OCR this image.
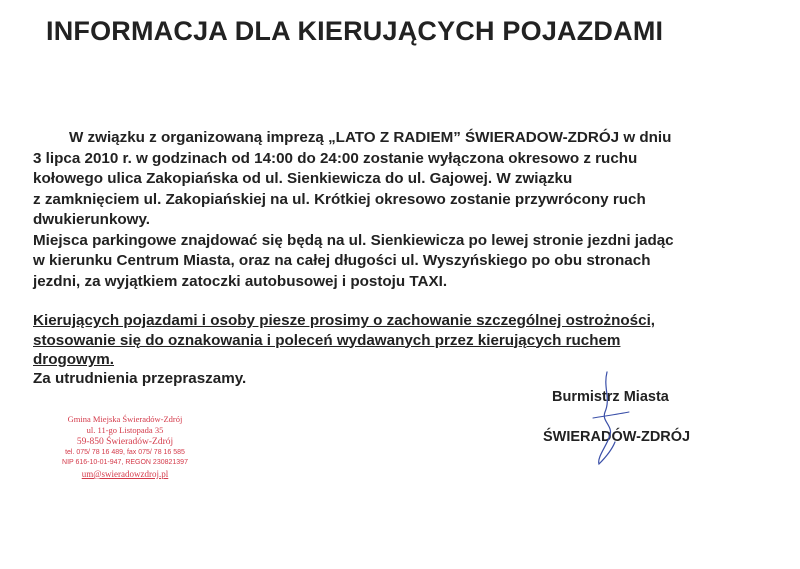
INFORMACJA DLA KIERUJĄCYCH POJAZDAMI
W związku z organizowaną imprezą „LATO Z RADIEM” ŚWIERADOW-ZDRÓJ w dniu
3 lipca 2010 r. w godzinach od 14:00 do 24:00 zostanie wyłączona okresowo z ruchu
kołowego ulica Zakopiańska od ul. Sienkiewicza do ul. Gajowej. W związku
z zamknięciem ul. Zakopiańskiej na ul. Krótkiej okresowo zostanie przywrócony ruch
dwukierunkowy.
Miejsca parkingowe znajdować się będą na ul. Sienkiewicza po lewej stronie jezdni jadąc
w kierunku Centrum Miasta, oraz na całej długości ul. Wyszyńskiego po obu stronach
jezdni, za wyjątkiem zatoczki autobusowej i postoju TAXI.
Kierujących pojazdami i osoby piesze prosimy o zachowanie szczególnej ostrożności,
stosowanie się do oznakowania i poleceń wydawanych przez kierujących ruchem
drogowym.
Za utrudnienia przepraszamy.
Burmistrz Miasta
ŚWIERADÓW-ZDRÓJ
Gmina Miejska Świeradów-Zdrój
ul. 11-go Listopada 35
59-850 Świeradów-Zdrój
tel. 075/ 78 16 489, fax 075/ 78 16 585
NIP 616-10-01-947, REGON 230821397
um@swieradowzdroj.pl
